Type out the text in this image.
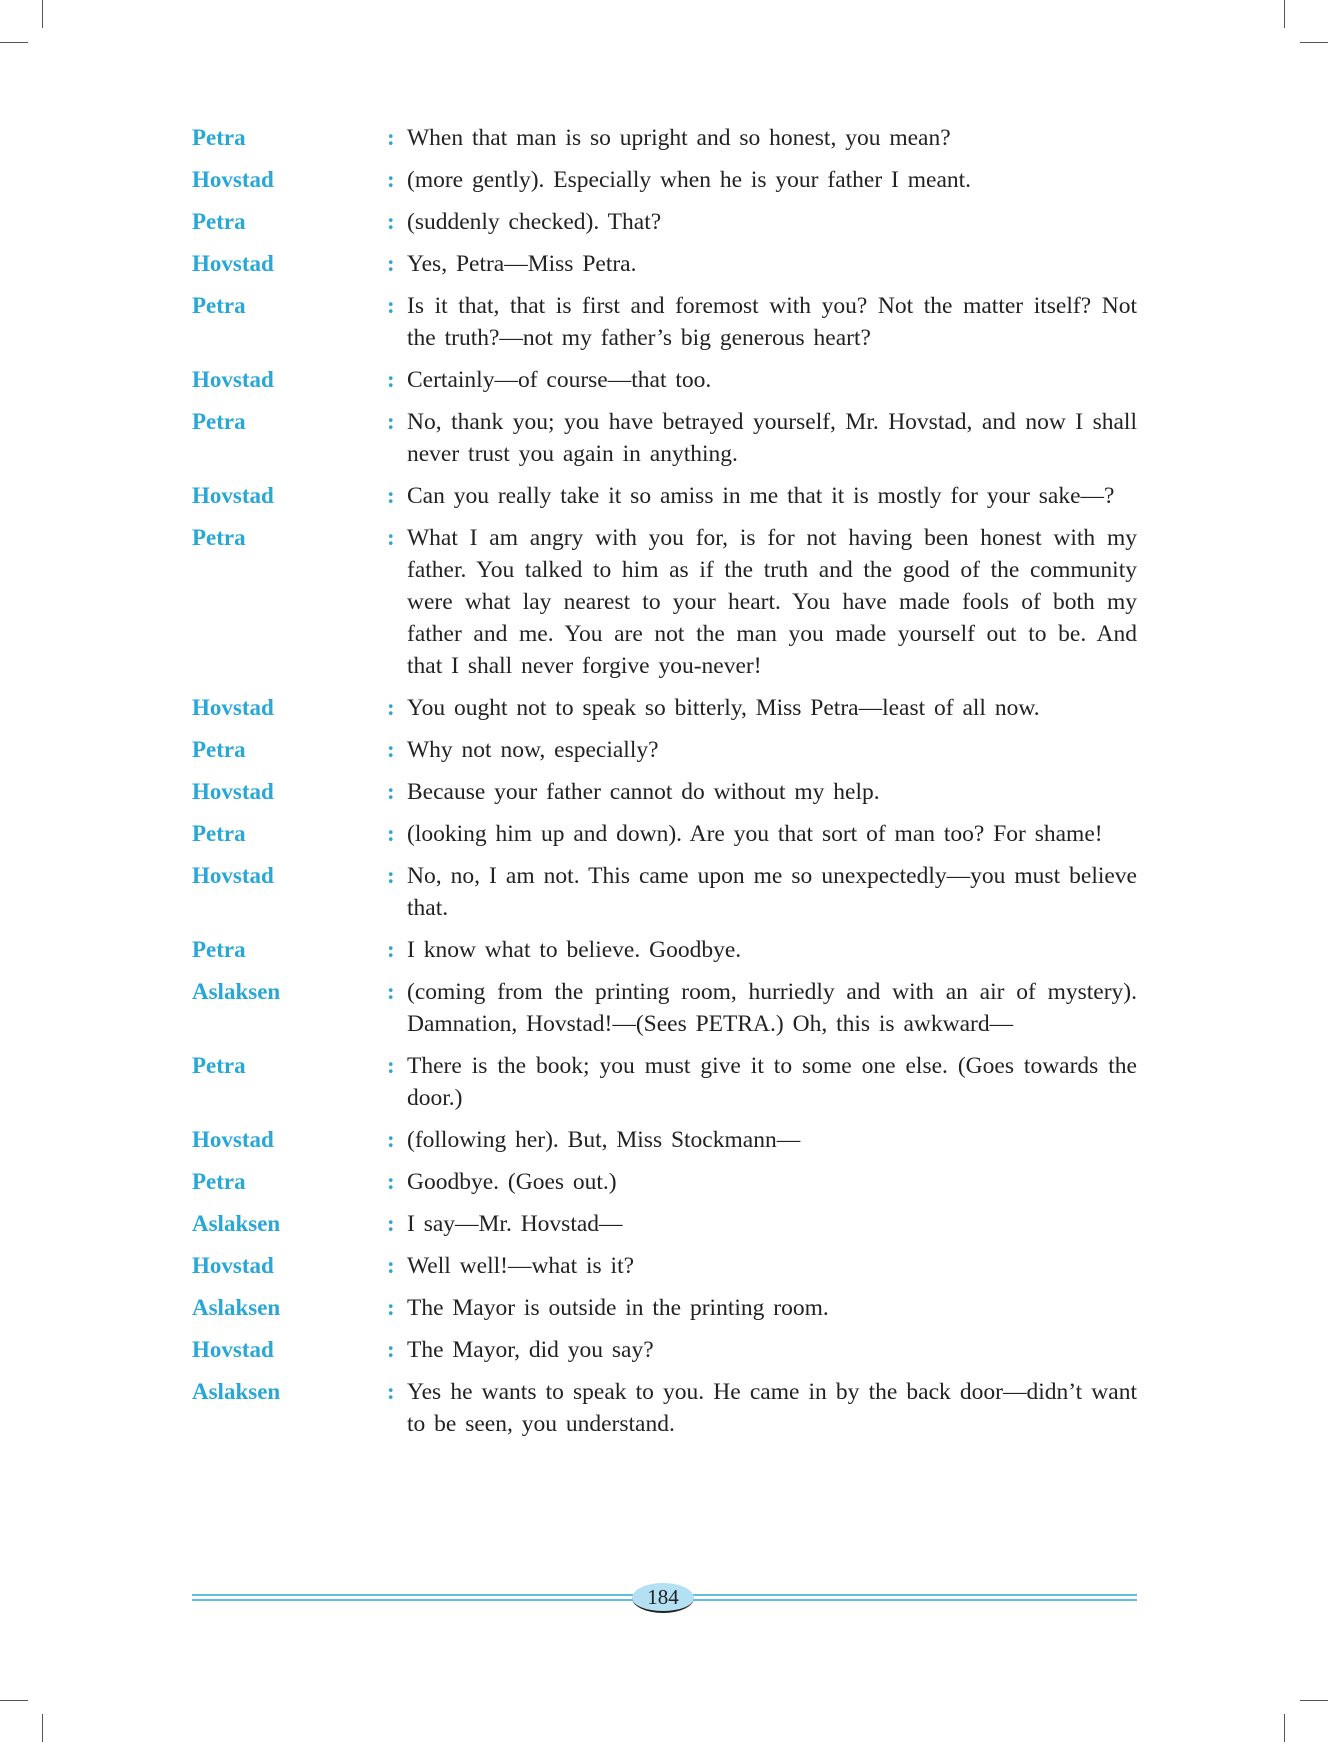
Petra	: When that man is so upright and so honest, you mean?
Hovstad	: (more gently). Especially when he is your father I meant.
Petra	: (suddenly checked). That?
Hovstad	: Yes, Petra—Miss Petra.
Petra	: Is it that, that is first and foremost with you? Not the matter itself? Not the truth?—not my father’s big generous heart?
Hovstad	: Certainly—of course—that too.
Petra	: No, thank you; you have betrayed yourself, Mr. Hovstad, and now I shall never trust you again in anything.
Hovstad	: Can you really take it so amiss in me that it is mostly for your sake—?
Petra	: What I am angry with you for, is for not having been honest with my father. You talked to him as if the truth and the good of the community were what lay nearest to your heart. You have made fools of both my father and me. You are not the man you made yourself out to be. And that I shall never forgive you-never!
Hovstad	: You ought not to speak so bitterly, Miss Petra—least of all now.
Petra	: Why not now, especially?
Hovstad	: Because your father cannot do without my help.
Petra	: (looking him up and down). Are you that sort of man too? For shame!
Hovstad	: No, no, I am not. This came upon me so unexpectedly—you must believe that.
Petra	: I know what to believe. Goodbye.
Aslaksen	: (coming from the printing room, hurriedly and with an air of mystery). Damnation, Hovstad!—(Sees PETRA.) Oh, this is awkward—
Petra	: There is the book; you must give it to some one else. (Goes towards the door.)
Hovstad	: (following her). But, Miss Stockmann—
Petra	: Goodbye. (Goes out.)
Aslaksen	: I say—Mr. Hovstad—
Hovstad	: Well well!—what is it?
Aslaksen	: The Mayor is outside in the printing room.
Hovstad	: The Mayor, did you say?
Aslaksen	: Yes he wants to speak to you. He came in by the back door—didn’t want to be seen, you understand.
184
